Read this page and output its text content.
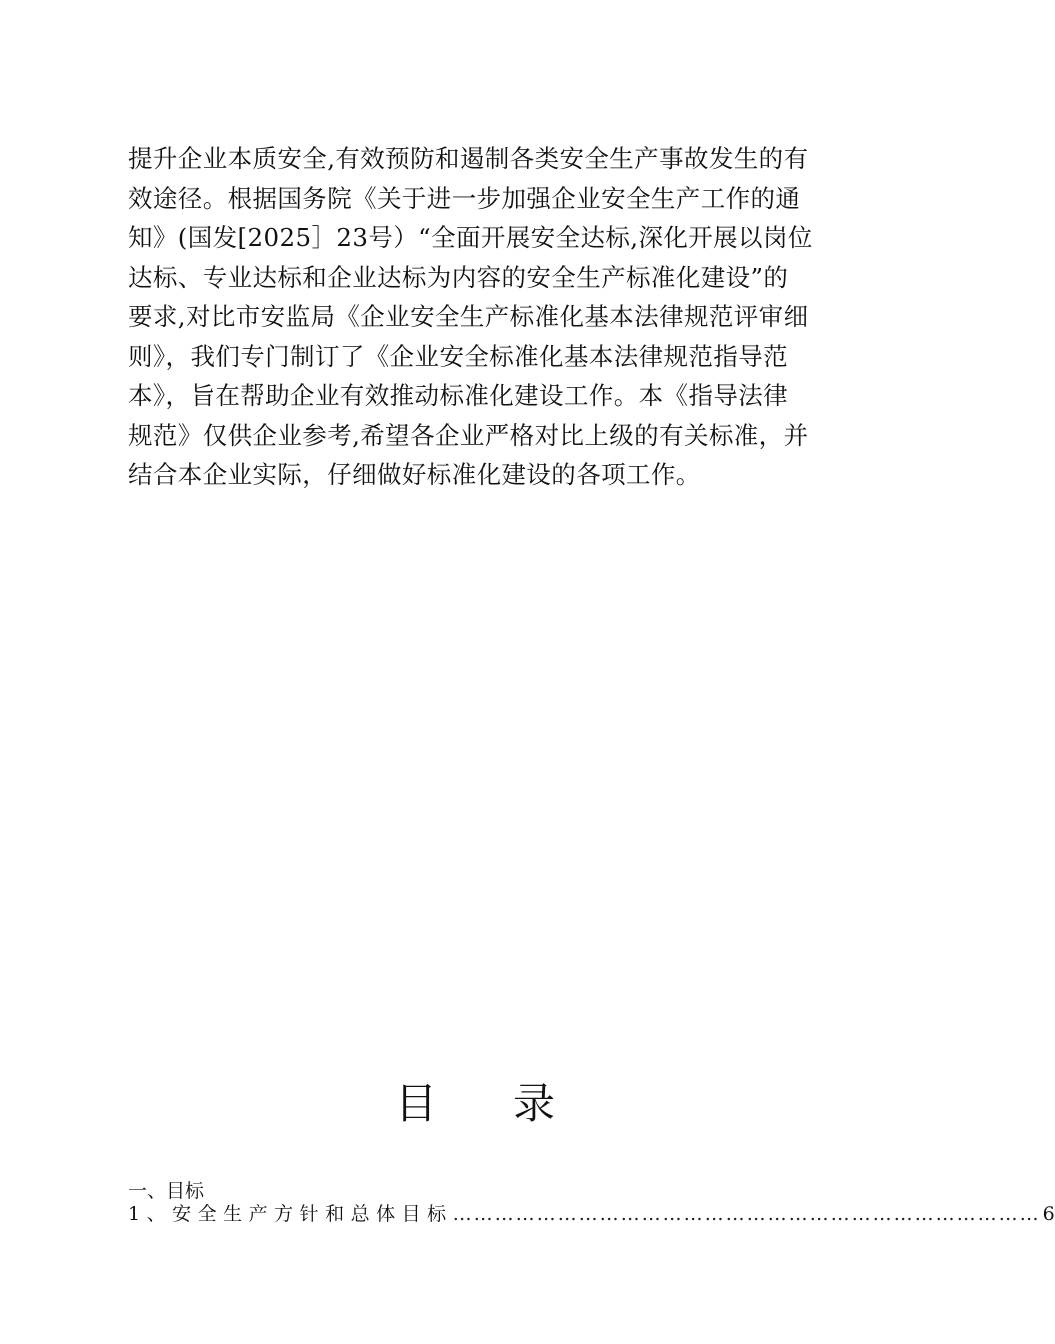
提升企业本质安全,有效预防和遏制各类安全生产事故发生的有
效途径。根据国务院《关于进一步加强企业安全生产工作的通
知》(国发[2025］23号）“全面开展安全达标,深化开展以岗位
达标、专业达标和企业达标为内容的安全生产标准化建设”的
要求,对比市安监局《企业安全生产标准化基本法律规范评审细
则》，我们专门制订了《企业安全标准化基本法律规范指导范
本》，旨在帮助企业有效推动标准化建设工作。本《指导法律
规范》仅供企业参考,希望各企业严格对比上级的有关标准，并
结合本企业实际，仔细做好标准化建设的各项工作。
目 录
一、目标
1、安全生产方针和总体目标 ………………………………………………………………………… 6
